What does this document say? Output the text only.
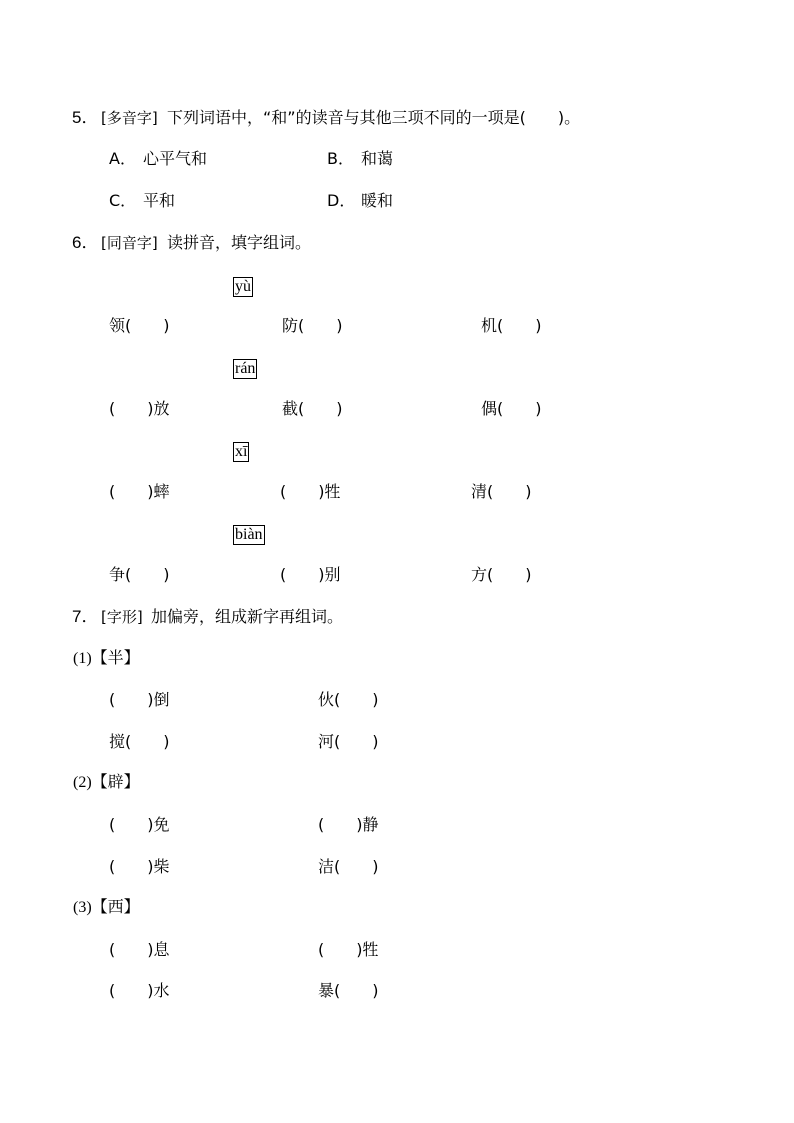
5． [多音字] 下列词语中，“和”的读音与其他三项不同的一项是(　　)。
A． 心平气和	B． 和蔼
C． 平和	D． 暖和
6． [同音字] 读拼音，填字组词。
yù
领(　　)	防(　　)	机(　　)
rán
(　　)放	截(　　)	偶(　　)
xī
(　　)蟀	(　　)牲	清(　　)
biàn
争(　　)	(　　)别	方(　　)
7． [字形] 加偏旁，组成新字再组词。
(1)【半】
(　　)倒	伙(　　)
搅(　　)	河(　　)
(2)【辟】
(　　)免	(　　)静
(　　)柴	洁(　　)
(3)【西】
(　　)息	(　　)牲
(　　)水	暴(　　)
